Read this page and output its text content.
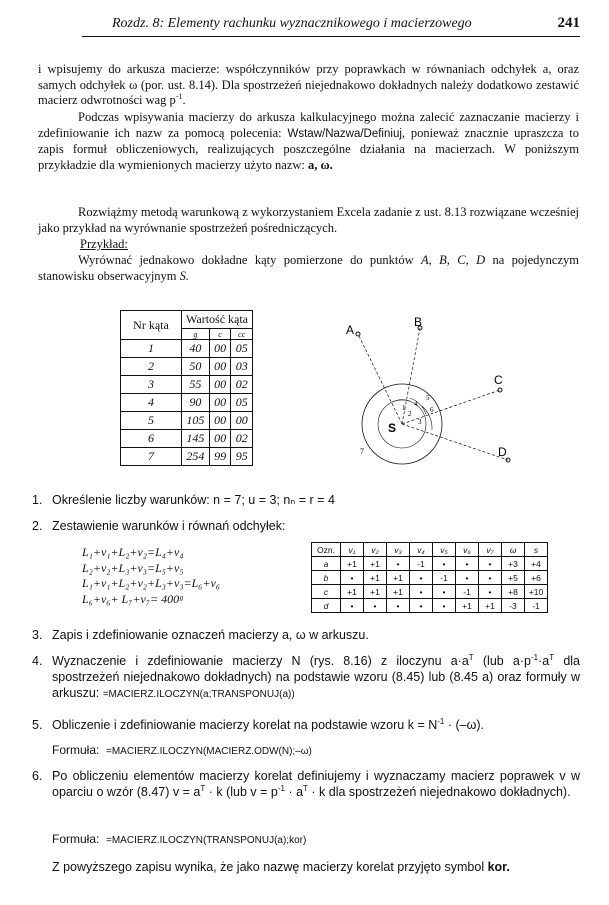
Rozdz. 8: Elementy rachunku wyznacznikowego i macierzowego	241
i wpisujemy do arkusza macierze: współczynników przy poprawkach w równaniach odchyłek a, oraz samych odchyłek ω (por. ust. 8.14). Dla spostrzeżeń niejednakowo dokładnych należy dodatkowo zestawić macierz odwrotności wag $p^{-1}$.
Podczas wpisywania macierzy do arkusza kalkulacyjnego można zalecić zaznaczanie macierzy i zdefiniowanie ich nazw za pomocą polecenia: Wstaw/Nazwa/Definiuj, ponieważ znacznie upraszcza to zapis formuł obliczeniowych, realizujących poszczególne działania na macierzach. W poniższym przykładzie dla wymienionych macierzy użyto nazw: a, ω.
Rozwiążmy metodą warunkową z wykorzystaniem Excela zadanie z ust. 8.13 rozwiązane wcześniej jako przykład na wyrównanie spostrzeżeń pośredniczących.
Przykład:
Wyrównać jednakowo dokładne kąty pomierzone do punktów A, B, C, D na pojedynczym stanowisku obserwacyjnym S.
Nr kąta	Wartość kąta		
	g	c	cc
1	40	00	05
2	50	00	03
3	55	00	02
4	90	00	05
5	105	00	00
6	145	00	02
7	254	99	95
A
B
C
D
S
1
2
3
4
5
6
7
1. Określenie liczby warunków: n = 7; u = 3; nₙ = r = 4
2. Zestawienie warunków i równań odchyłek:
L₁+v₁+L₂+v₂=L₄+v₄
L₂+v₂+L₃+v₃=L₅+v₅
L₁+v₁+L₂+v₂+L₃+v₃=L₆+v₆
L₆+v₆+ L₇+v₇= 400ᵍ
Ozn.	v₁	v₂	v₃	v₄	v₅	v₆	v₇	ω	s
a	+1	+1	•	-1	•	•	•	+3	+4
b	•	+1	+1	•	-1	•	•	+5	+6
c	+1	+1	+1	•	•	-1	•	+8	+10
d	•	•	•	•	•	+1	+1	-3	-1
3. Zapis i zdefiniowanie oznaczeń macierzy a, ω w arkuszu.
4. Wyznaczenie i zdefiniowanie macierzy N (rys. 8.16) z iloczynu $a\cdot a^T$ (lub $a\cdot p^{-1}\cdot a^T$ dla spostrzeżeń niejednakowo dokładnych) na podstawie wzoru (8.45) lub (8.45 a) oraz formuły w arkuszu: =MACIERZ.ILOCZYN(a;TRANSPONUJ(a))
5. Obliczenie i zdefiniowanie macierzy korelat na podstawie wzoru $k = N^{-1} \cdot (-\omega)$.
Formuła: =MACIERZ.ILOCZYN(MACIERZ.ODW(N);–ω)
6. Po obliczeniu elementów macierzy korelat definiujemy i wyznaczamy macierz poprawek v w oparciu o wzór (8.47) $v = a^T \cdot k$ (lub $v = p^{-1} \cdot a^T \cdot k$ dla spostrzeżeń niejednakowo dokładnych).
Formuła: =MACIERZ.ILOCZYN(TRANSPONUJ(a);kor)
Z powyższego zapisu wynika, że jako nazwę macierzy korelat przyjęto symbol kor.
